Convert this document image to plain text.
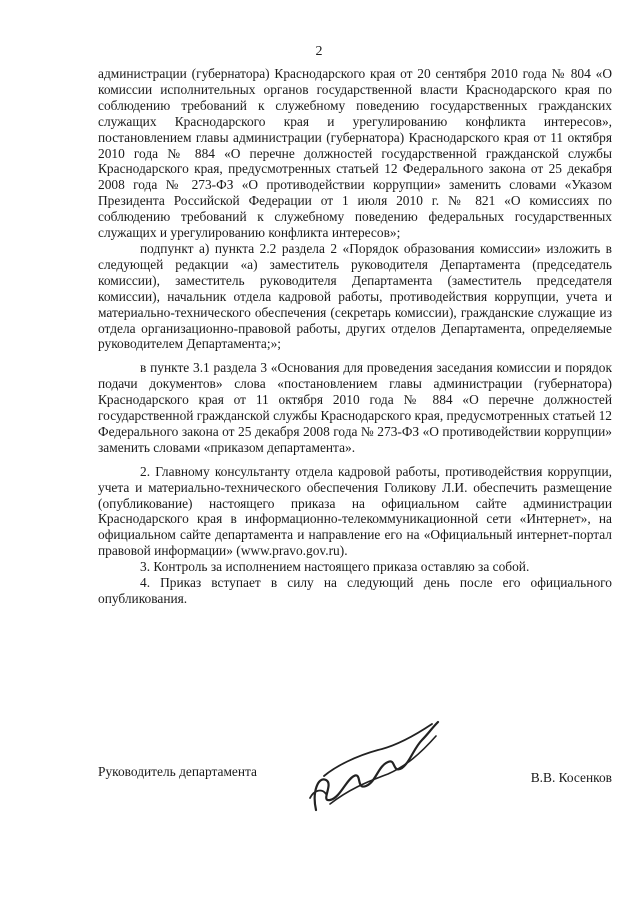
2

администрации (губернатора) Краснодарского края от 20 сентября 2010 года № 804 «О комиссии исполнительных органов государственной власти Краснодарского края по соблюдению требований к служебному поведению государственных гражданских служащих Краснодарского края и урегулированию конфликта интересов», постановлением главы администрации (губернатора) Краснодарского края от 11 октября 2010 года № 884 «О перечне должностей государственной гражданской службы Краснодарского края, предусмотренных статьей 12 Федерального закона от 25 декабря 2008 года № 273-ФЗ «О противодействии коррупции» заменить словами «Указом Президента Российской Федерации от 1 июля 2010 г. № 821 «О комиссиях по соблюдению требований к служебному поведению федеральных государственных служащих и урегулированию конфликта интересов»;

подпункт а) пункта 2.2 раздела 2 «Порядок образования комиссии» изложить в следующей редакции «а) заместитель руководителя Департамента (председатель комиссии), заместитель руководителя Департамента (заместитель председателя комиссии), начальник отдела кадровой работы, противодействия коррупции, учета и материально-технического обеспечения (секретарь комиссии), гражданские служащие из отдела организационно-правовой работы, других отделов Департамента, определяемые руководителем Департамента;»;

в пункте 3.1 раздела 3 «Основания для проведения заседания комиссии и порядок подачи документов» слова «постановлением главы администрации (губернатора) Краснодарского края от 11 октября 2010 года № 884 «О перечне должностей государственной гражданской службы Краснодарского края, предусмотренных статьей 12 Федерального закона от 25 декабря 2008 года № 273-ФЗ «О противодействии коррупции» заменить словами «приказом департамента».

2. Главному консультанту отдела кадровой работы, противодействия коррупции, учета и материально-технического обеспечения Голикову Л.И. обеспечить размещение (опубликование) настоящего приказа на официальном сайте администрации Краснодарского края в информационно-телекоммуникационной сети «Интернет», на официальном сайте департамента и направление его на «Официальный интернет-портал правовой информации» (www.pravo.gov.ru).

3. Контроль за исполнением настоящего приказа оставляю за собой.

4. Приказ вступает в силу на следующий день после его официального опубликования.

Руководитель департамента	В.В. Косенков
